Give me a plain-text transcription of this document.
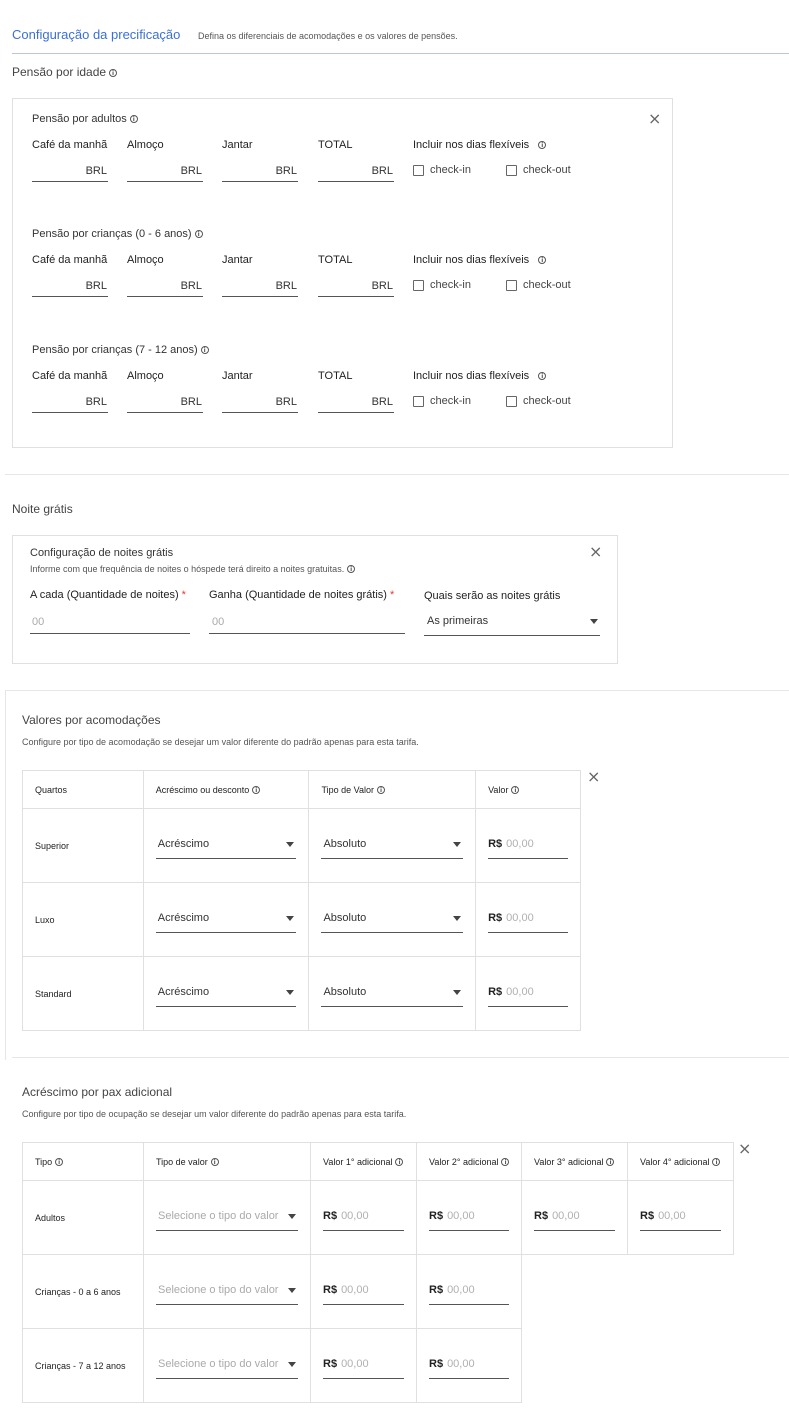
Configuração da precificação Defina os diferenciais de acomodações e os valores de pensões.
Pensão por idade i
×
Pensão por adultos i
Café da manhã
BRL
Almoço
BRL
Jantar
BRL
TOTAL
BRL
Incluir nos dias flexíveis i
check-in	check-out
Pensão por crianças (0 - 6 anos) i
Café da manhã
BRL
Almoço
BRL
Jantar
BRL
TOTAL
BRL
Incluir nos dias flexíveis i
check-in	check-out
Pensão por crianças (7 - 12 anos) i
Café da manhã
BRL
Almoço
BRL
Jantar
BRL
TOTAL
BRL
Incluir nos dias flexíveis i
check-in	check-out
Noite grátis
×
Configuração de noites grátis
Informe com que frequência de noites o hóspede terá direito a noites gratuitas. i
A cada (Quantidade de noites) *
00
Ganha (Quantidade de noites grátis) *
00
Quais serão as noites grátis
As primeiras
Valores por acomodações
Configure por tipo de acomodação se desejar um valor diferente do padrão apenas para esta tarifa.
×
Quartos	Acréscimo ou desconto i	Tipo de Valor i	Valor i
Superior	Acréscimo	Absoluto	R$ 00,00

Luxo	Acréscimo	Absoluto	R$ 00,00

Standard	Acréscimo	Absoluto	R$ 00,00
Acréscimo por pax adicional
Configure por tipo de ocupação se desejar um valor diferente do padrão apenas para esta tarifa.
×
Tipo i	Tipo de valor i	Valor 1° adicional i	Valor 2° adicional i	Valor 3° adicional i	Valor 4° adicional i
Adultos	Selecione o tipo do valor	R$ 00,00	R$ 00,00	R$ 00,00	R$ 00,00
Crianças - 0 a 6 anos	Selecione o tipo do valor	R$ 00,00	R$ 00,00
Crianças - 7 a 12 anos	Selecione o tipo do valor	R$ 00,00	R$ 00,00
